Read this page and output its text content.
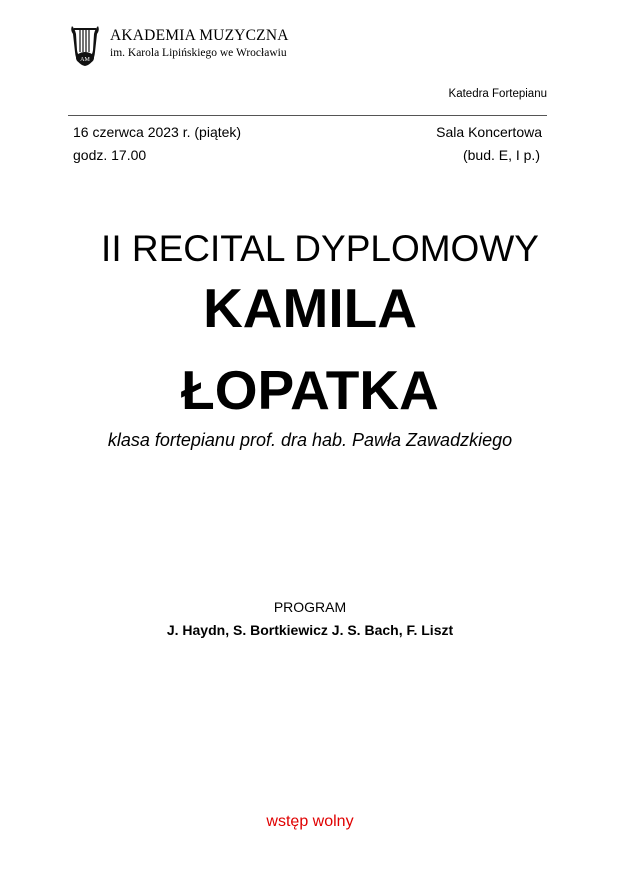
AM
AKADEMIA MUZYCZNA
im. Karola Lipińskiego we Wrocławiu
Katedra Fortepianu
16 czerwca 2023 r. (piątek)
godz. 17.00
Sala Koncertowa
(bud. E, I p.)
II RECITAL DYPLOMOWY
KAMILA
ŁOPATKA
klasa fortepianu prof. dra hab. Pawła Zawadzkiego
PROGRAM
J. Haydn, S. Bortkiewicz J. S. Bach, F. Liszt
wstęp wolny
